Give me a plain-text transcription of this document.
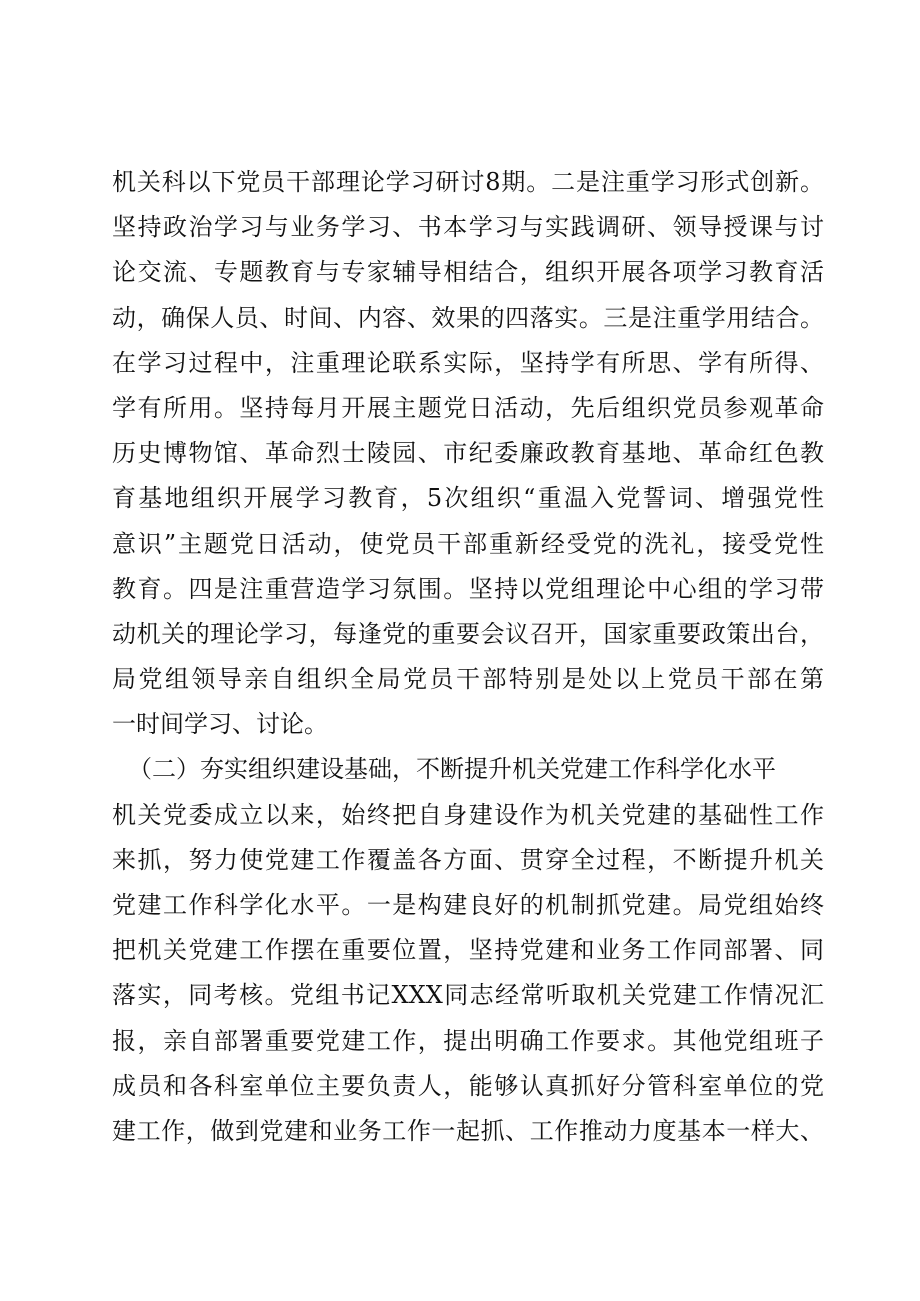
机关科以下党员干部理论学习研讨8期。二是注重学习形式创新。
坚持政治学习与业务学习、书本学习与实践调研、领导授课与讨
论交流、专题教育与专家辅导相结合，组织开展各项学习教育活
动，确保人员、时间、内容、效果的四落实。三是注重学用结合。
在学习过程中，注重理论联系实际，坚持学有所思、学有所得、
学有所用。坚持每月开展主题党日活动，先后组织党员参观革命
历史博物馆、革命烈士陵园、市纪委廉政教育基地、革命红色教
育基地组织开展学习教育，5次组织“重温入党誓词、增强党性
意识”主题党日活动，使党员干部重新经受党的洗礼，接受党性
教育。四是注重营造学习氛围。坚持以党组理论中心组的学习带
动机关的理论学习，每逢党的重要会议召开，国家重要政策出台，
局党组领导亲自组织全局党员干部特别是处以上党员干部在第
一时间学习、讨论。
（二）夯实组织建设基础，不断提升机关党建工作科学化水平
机关党委成立以来，始终把自身建设作为机关党建的基础性工作
来抓，努力使党建工作覆盖各方面、贯穿全过程，不断提升机关
党建工作科学化水平。一是构建良好的机制抓党建。局党组始终
把机关党建工作摆在重要位置，坚持党建和业务工作同部署、同
落实，同考核。党组书记XXX同志经常听取机关党建工作情况汇
报，亲自部署重要党建工作，提出明确工作要求。其他党组班子
成员和各科室单位主要负责人，能够认真抓好分管科室单位的党
建工作，做到党建和业务工作一起抓、工作推动力度基本一样大、
